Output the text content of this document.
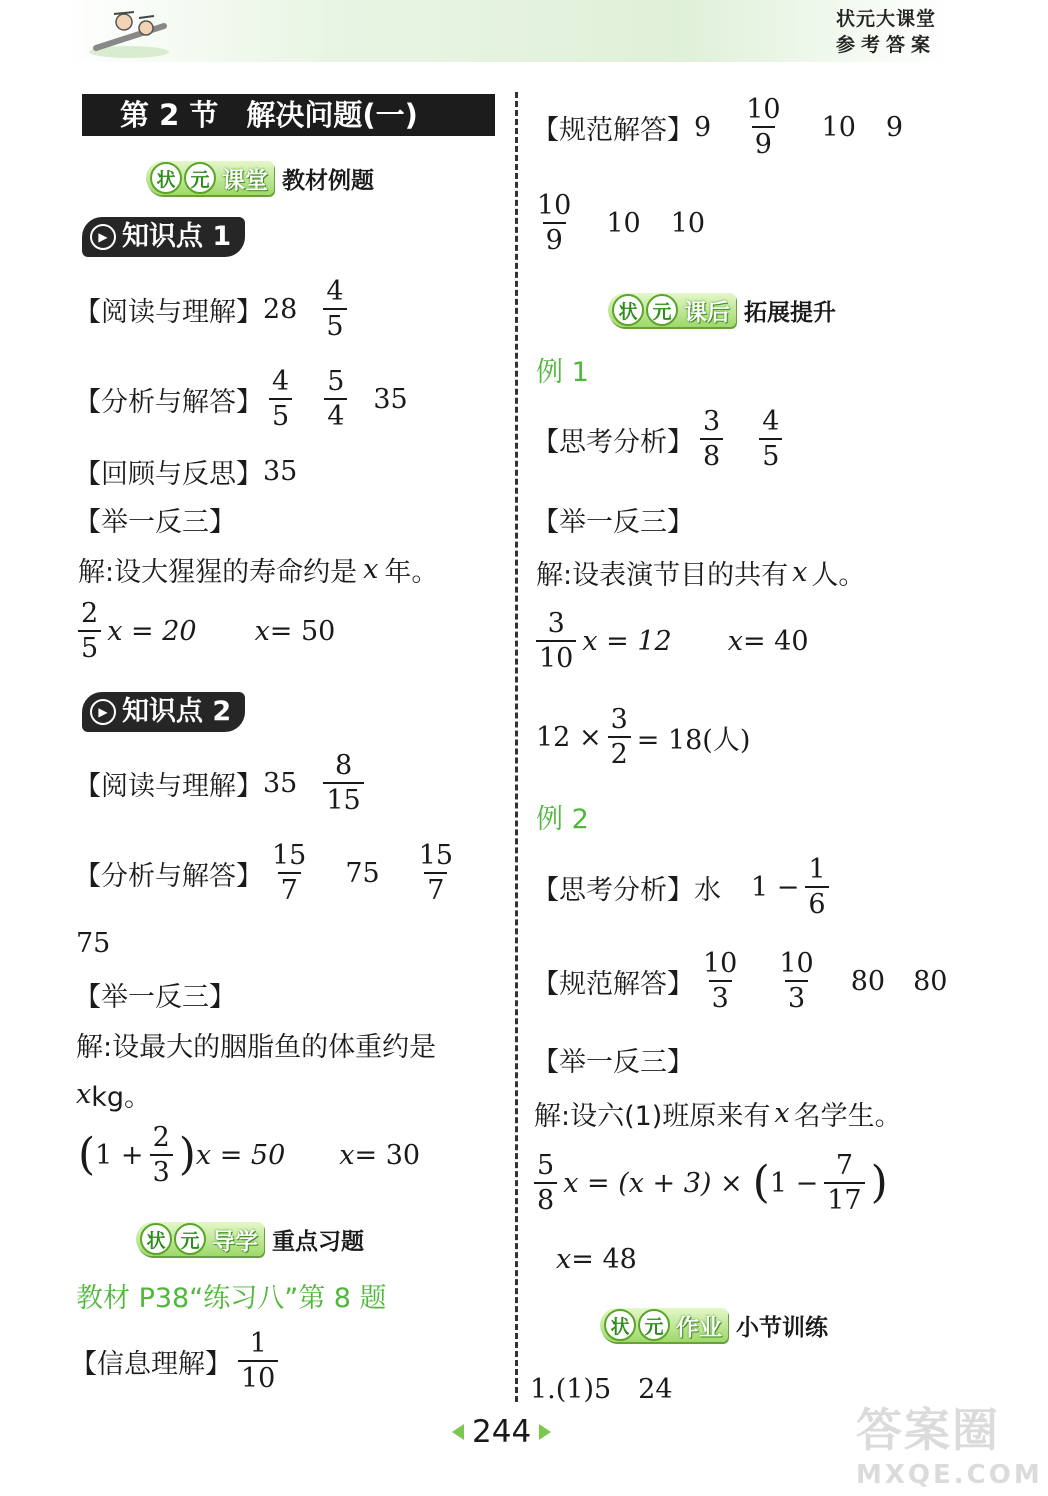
状元大课堂
参考答案
第 2 节 解决问题(一)
状 元 课堂 教材例题
▶ 知识点 1
【阅读与理解】 $28 \frac{4}{5}$
【分析与解答】 $\frac{4}{5} \frac{5}{4} 35$
【回顾与反思】 35
【举一反三】
解:设大猩猩的寿命约是 x 年。
$\frac{2}{5}$ x = 20 x = 50
▶ 知识点 2
【阅读与理解】 $35 \frac{8}{15}$
【分析与解答】 $\frac{15}{7} 75 \frac{15}{7}$
75
【举一反三】
解:设最大的胭脂鱼的体重约是
x kg。
( $1 + \frac{2}{3}$ ) x = 50 x = 30
状 元 导学 重点习题
教材 P38“练习八”第 8 题
【信息理解】 $\frac{1}{10}$
【规范解答】 $9 \frac{10}{9} 10$ 9
$\frac{10}{9} 10$ 10
状 元 课后 拓展提升
例 1
【思考分析】 $\frac{3}{8} \frac{4}{5}$
【举一反三】
解:设表演节目的共有 x 人。
$\frac{3}{10}$ x = 12 x = 40
$12 \times \frac{3}{2} = 18$(人)
例 2
【思考分析】 水 $1 - \frac{1}{6}$
【规范解答】 $\frac{10}{3} \frac{10}{3} 80$ 80
【举一反三】
解:设六(1)班原来有 x 名学生。
$\frac{5}{8}$ x = (x + 3) × ( $1 - \frac{7}{17}$ )
x = 48
状 元 作业 小节训练
1.(1)5　24
244	答案圈
MXQE.COM
